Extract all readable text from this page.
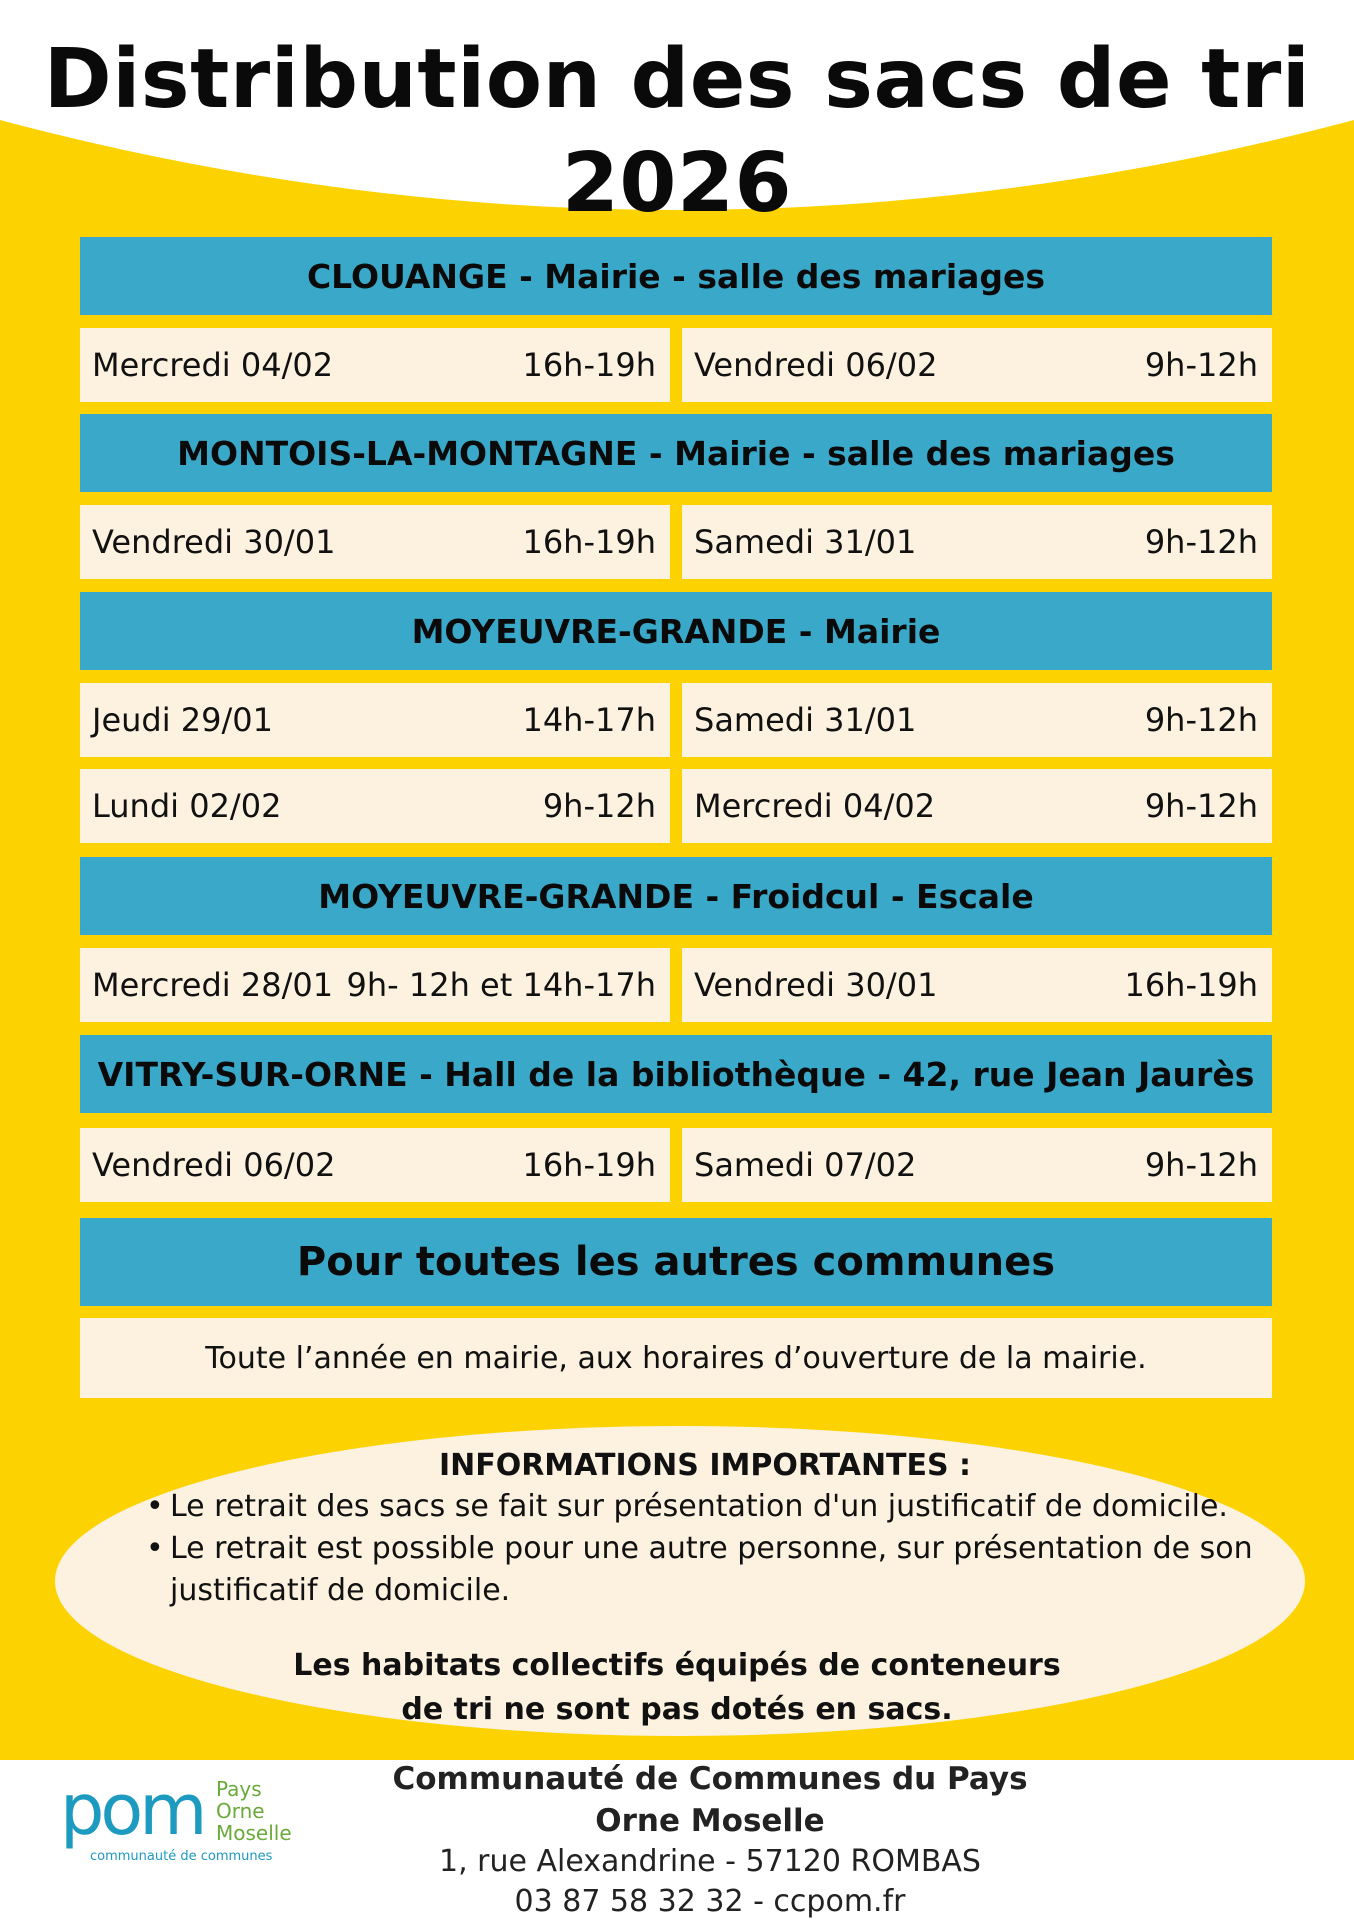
Distribution des sacs de tri
2026
CLOUANGE - Mairie - salle des mariages
Mercredi 04/02	16h-19h Vendredi 06/02	9h-12h
MONTOIS-LA-MONTAGNE - Mairie - salle des mariages
Vendredi 30/01	16h-19h Samedi 31/01	9h-12h
MOYEUVRE-GRANDE - Mairie
Jeudi 29/01	14h-17h Samedi 31/01	9h-12h
Lundi 02/02	9h-12h Mercredi 04/02	9h-12h
MOYEUVRE-GRANDE - Froidcul - Escale
Mercredi 28/01 9h- 12h et 14h-17h Vendredi 30/01	16h-19h
VITRY-SUR-ORNE - Hall de la bibliothèque - 42, rue Jean Jaurès
Vendredi 06/02	16h-19h Samedi 07/02	9h-12h
Pour toutes les autres communes
Toute l’année en mairie, aux horaires d’ouverture de la mairie.
INFORMATIONS IMPORTANTES :
• Le retrait des sacs se fait sur présentation d'un justificatif de domicile.
• Le retrait est possible pour une autre personne, sur présentation de son justificatif de domicile.
Les habitats collectifs équipés de conteneurs
de tri ne sont pas dotés en sacs.
pom Pays
Orne
Moselle
communauté de communes
Communauté de Communes du Pays Orne Moselle
1, rue Alexandrine - 57120 ROMBAS
03 87 58 32 32 - ccpom.fr
